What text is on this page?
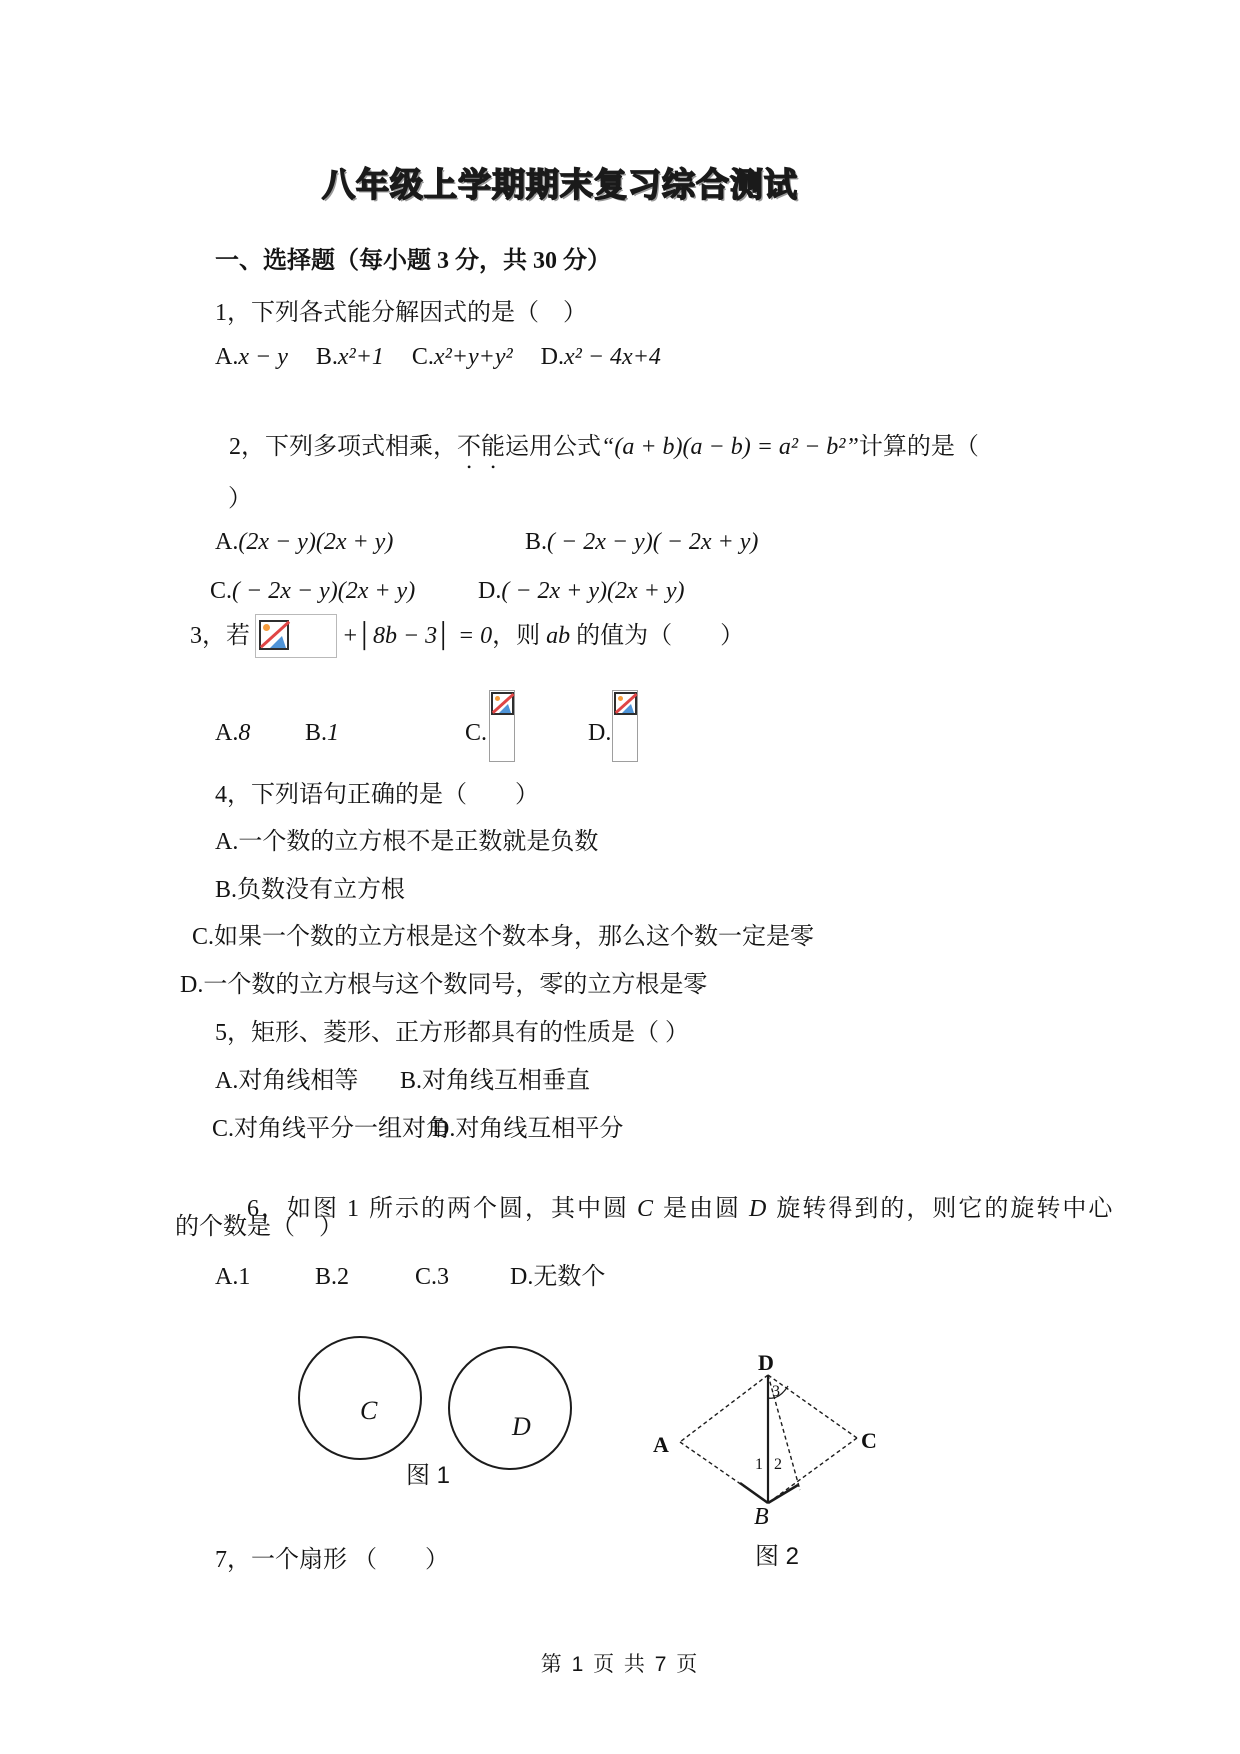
八年级上学期期末复习综合测试
一、选择题（每小题 3 分，共 30 分）
1，下列各式能分解因式的是（　）
A.x − y B.x²+1 C.x²+y+y² D.x² − 4x+4

2，下列多项式相乘，不能运用公式“(a + b)(a − b) = a² − b²”计算的是（

）
A.(2x − y)(2x + y)	B.( − 2x − y)( − 2x + y)
C.( − 2x − y)(2x + y)	D.( − 2x + y)(2x + y)
3，若	+│8b − 3│ = 0 ，则 ab 的值为（　　）
A.8 B.1	C.	D.
4，下列语句正确的是（　　）
A.一个数的立方根不是正数就是负数
B.负数没有立方根
C.如果一个数的立方根是这个数本身，那么这个数一定是零
D.一个数的立方根与这个数同号，零的立方根是零
5，矩形、菱形、正方形都具有的性质是（ ）
A.对角线相等 B.对角线互相垂直
C.对角线平分一组对角
D.对角线互相平分

6，如图 1 所示的两个圆，其中圆 C 是由圆 D 旋转得到的，则它的旋转中心

的个数是（　）
A.1	B.2	C.3	D.无数个
C
D
图 1
D
A	C
B
3
1 2
图 2
7，一个扇形 （　　）
第 1 页 共 7 页
